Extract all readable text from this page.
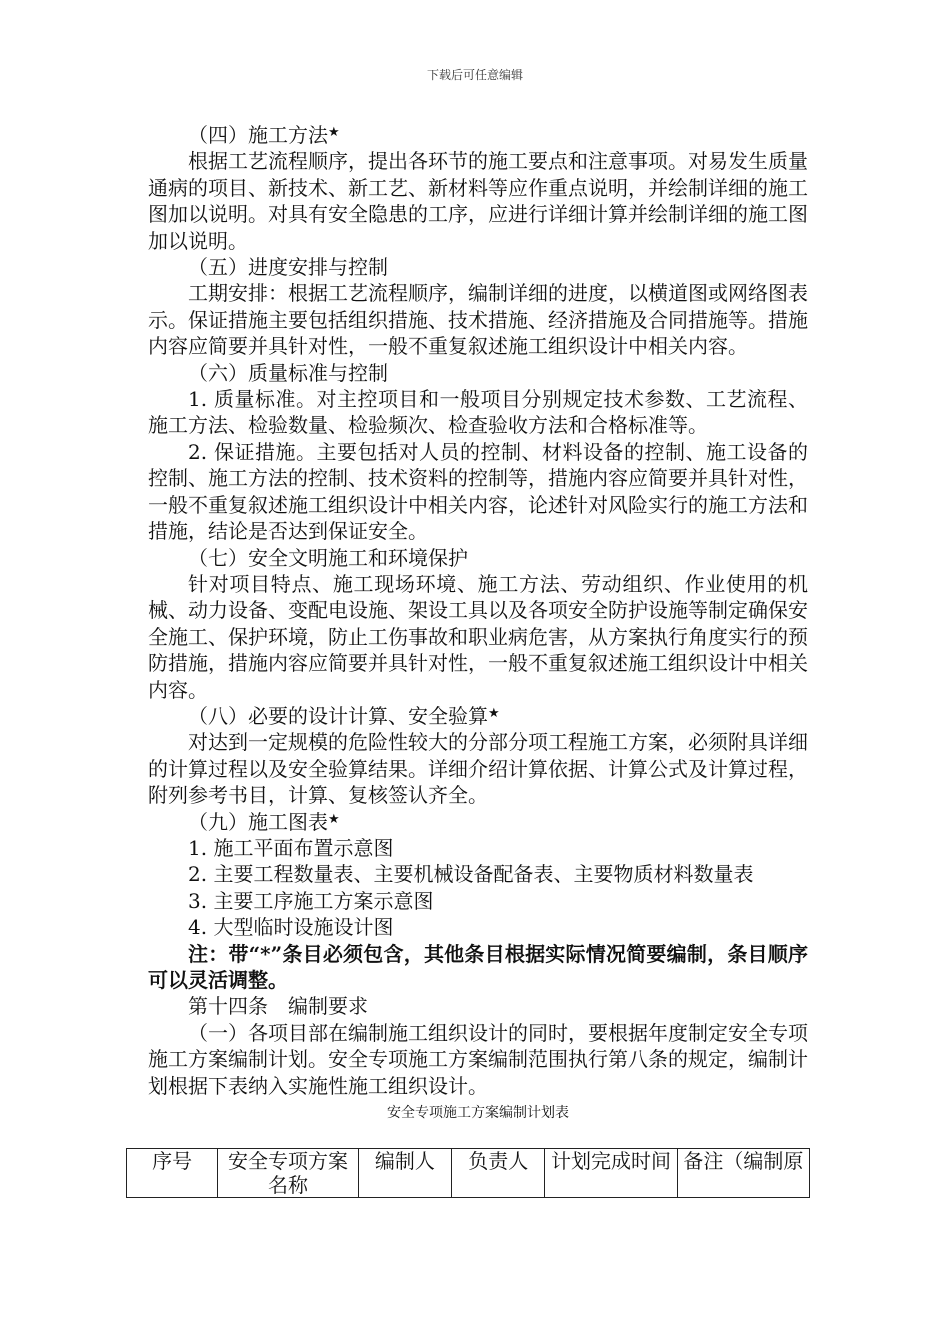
下载后可任意编辑

（四）施工方法★

根据工艺流程顺序，提出各环节的施工要点和注意事项。对易发生质量通病的项目、新技术、新工艺、新材料等应作重点说明，并绘制详细的施工图加以说明。对具有安全隐患的工序，应进行详细计算并绘制详细的施工图加以说明。

（五）进度安排与控制

工期安排：根据工艺流程顺序，编制详细的进度，以横道图或网络图表示。保证措施主要包括组织措施、技术措施、经济措施及合同措施等。措施内容应简要并具针对性，一般不重复叙述施工组织设计中相关内容。

（六）质量标准与控制

1. 质量标准。对主控项目和一般项目分别规定技术参数、工艺流程、施工方法、检验数量、检验频次、检查验收方法和合格标准等。

2. 保证措施。主要包括对人员的控制、材料设备的控制、施工设备的控制、施工方法的控制、技术资料的控制等，措施内容应简要并具针对性，一般不重复叙述施工组织设计中相关内容，论述针对风险实行的施工方法和措施，结论是否达到保证安全。

（七）安全文明施工和环境保护

针对项目特点、施工现场环境、施工方法、劳动组织、作业使用的机械、动力设备、变配电设施、架设工具以及各项安全防护设施等制定确保安全施工、保护环境，防止工伤事故和职业病危害，从方案执行角度实行的预防措施，措施内容应简要并具针对性，一般不重复叙述施工组织设计中相关内容。

（八）必要的设计计算、安全验算★

对达到一定规模的危险性较大的分部分项工程施工方案，必须附具详细的计算过程以及安全验算结果。详细介绍计算依据、计算公式及计算过程，附列参考书目，计算、复核签认齐全。

（九）施工图表★

1. 施工平面布置示意图

2. 主要工程数量表、主要机械设备配备表、主要物质材料数量表

3. 主要工序施工方案示意图

4. 大型临时设施设计图

注：带“*”条目必须包含，其他条目根据实际情况简要编制，条目顺序可以灵活调整。

第十四条　编制要求

（一）各项目部在编制施工组织设计的同时，要根据年度制定安全专项施工方案编制计划。安全专项施工方案编制范围执行第八条的规定，编制计划根据下表纳入实施性施工组织设计。

安全专项施工方案编制计划表
序号	安全专项方案名称	编制人	负责人	计划完成时间	备注（编制原
